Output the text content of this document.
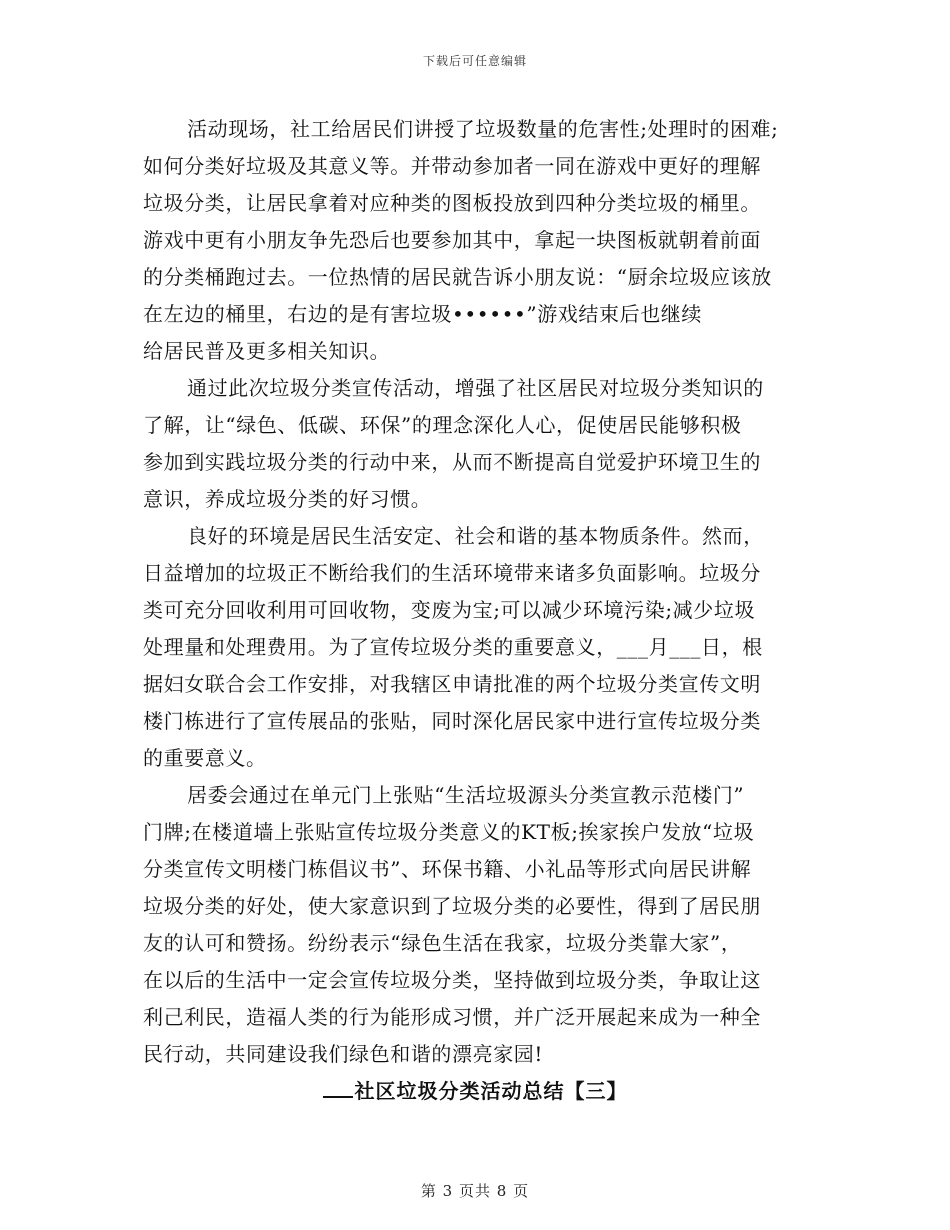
下载后可任意编辑

活动现场，社工给居民们讲授了垃圾数量的危害性;处理时的困难;
如何分类好垃圾及其意义等。并带动参加者一同在游戏中更好的理解
垃圾分类，让居民拿着对应种类的图板投放到四种分类垃圾的桶里。
游戏中更有小朋友争先恐后也要参加其中，拿起一块图板就朝着前面
的分类桶跑过去。一位热情的居民就告诉小朋友说：“厨余垃圾应该放
在左边的桶里，右边的是有害垃圾••••••”游戏结束后也继续
给居民普及更多相关知识。

通过此次垃圾分类宣传活动，增强了社区居民对垃圾分类知识的
了解，让“绿色、低碳、环保”的理念深化人心，促使居民能够积极
参加到实践垃圾分类的行动中来，从而不断提高自觉爱护环境卫生的
意识，养成垃圾分类的好习惯。

良好的环境是居民生活安定、社会和谐的基本物质条件。然而，
日益增加的垃圾正不断给我们的生活环境带来诸多负面影响。垃圾分
类可充分回收利用可回收物，变废为宝;可以减少环境污染;减少垃圾
处理量和处理费用。为了宣传垃圾分类的重要意义，___月___日，根
据妇女联合会工作安排，对我辖区申请批准的两个垃圾分类宣传文明
楼门栋进行了宣传展品的张贴，同时深化居民家中进行宣传垃圾分类
的重要意义。

居委会通过在单元门上张贴“生活垃圾源头分类宣教示范楼门”
门牌;在楼道墙上张贴宣传垃圾分类意义的KT板;挨家挨户发放“垃圾
分类宣传文明楼门栋倡议书”、环保书籍、小礼品等形式向居民讲解
垃圾分类的好处，使大家意识到了垃圾分类的必要性，得到了居民朋
友的认可和赞扬。纷纷表示“绿色生活在我家，垃圾分类靠大家”，
在以后的生活中一定会宣传垃圾分类，坚持做到垃圾分类，争取让这
利己利民，造福人类的行为能形成习惯，并广泛开展起来成为一种全
民行动，共同建设我们绿色和谐的漂亮家园!

社区垃圾分类活动总结【三】
第 3 页共 8 页
